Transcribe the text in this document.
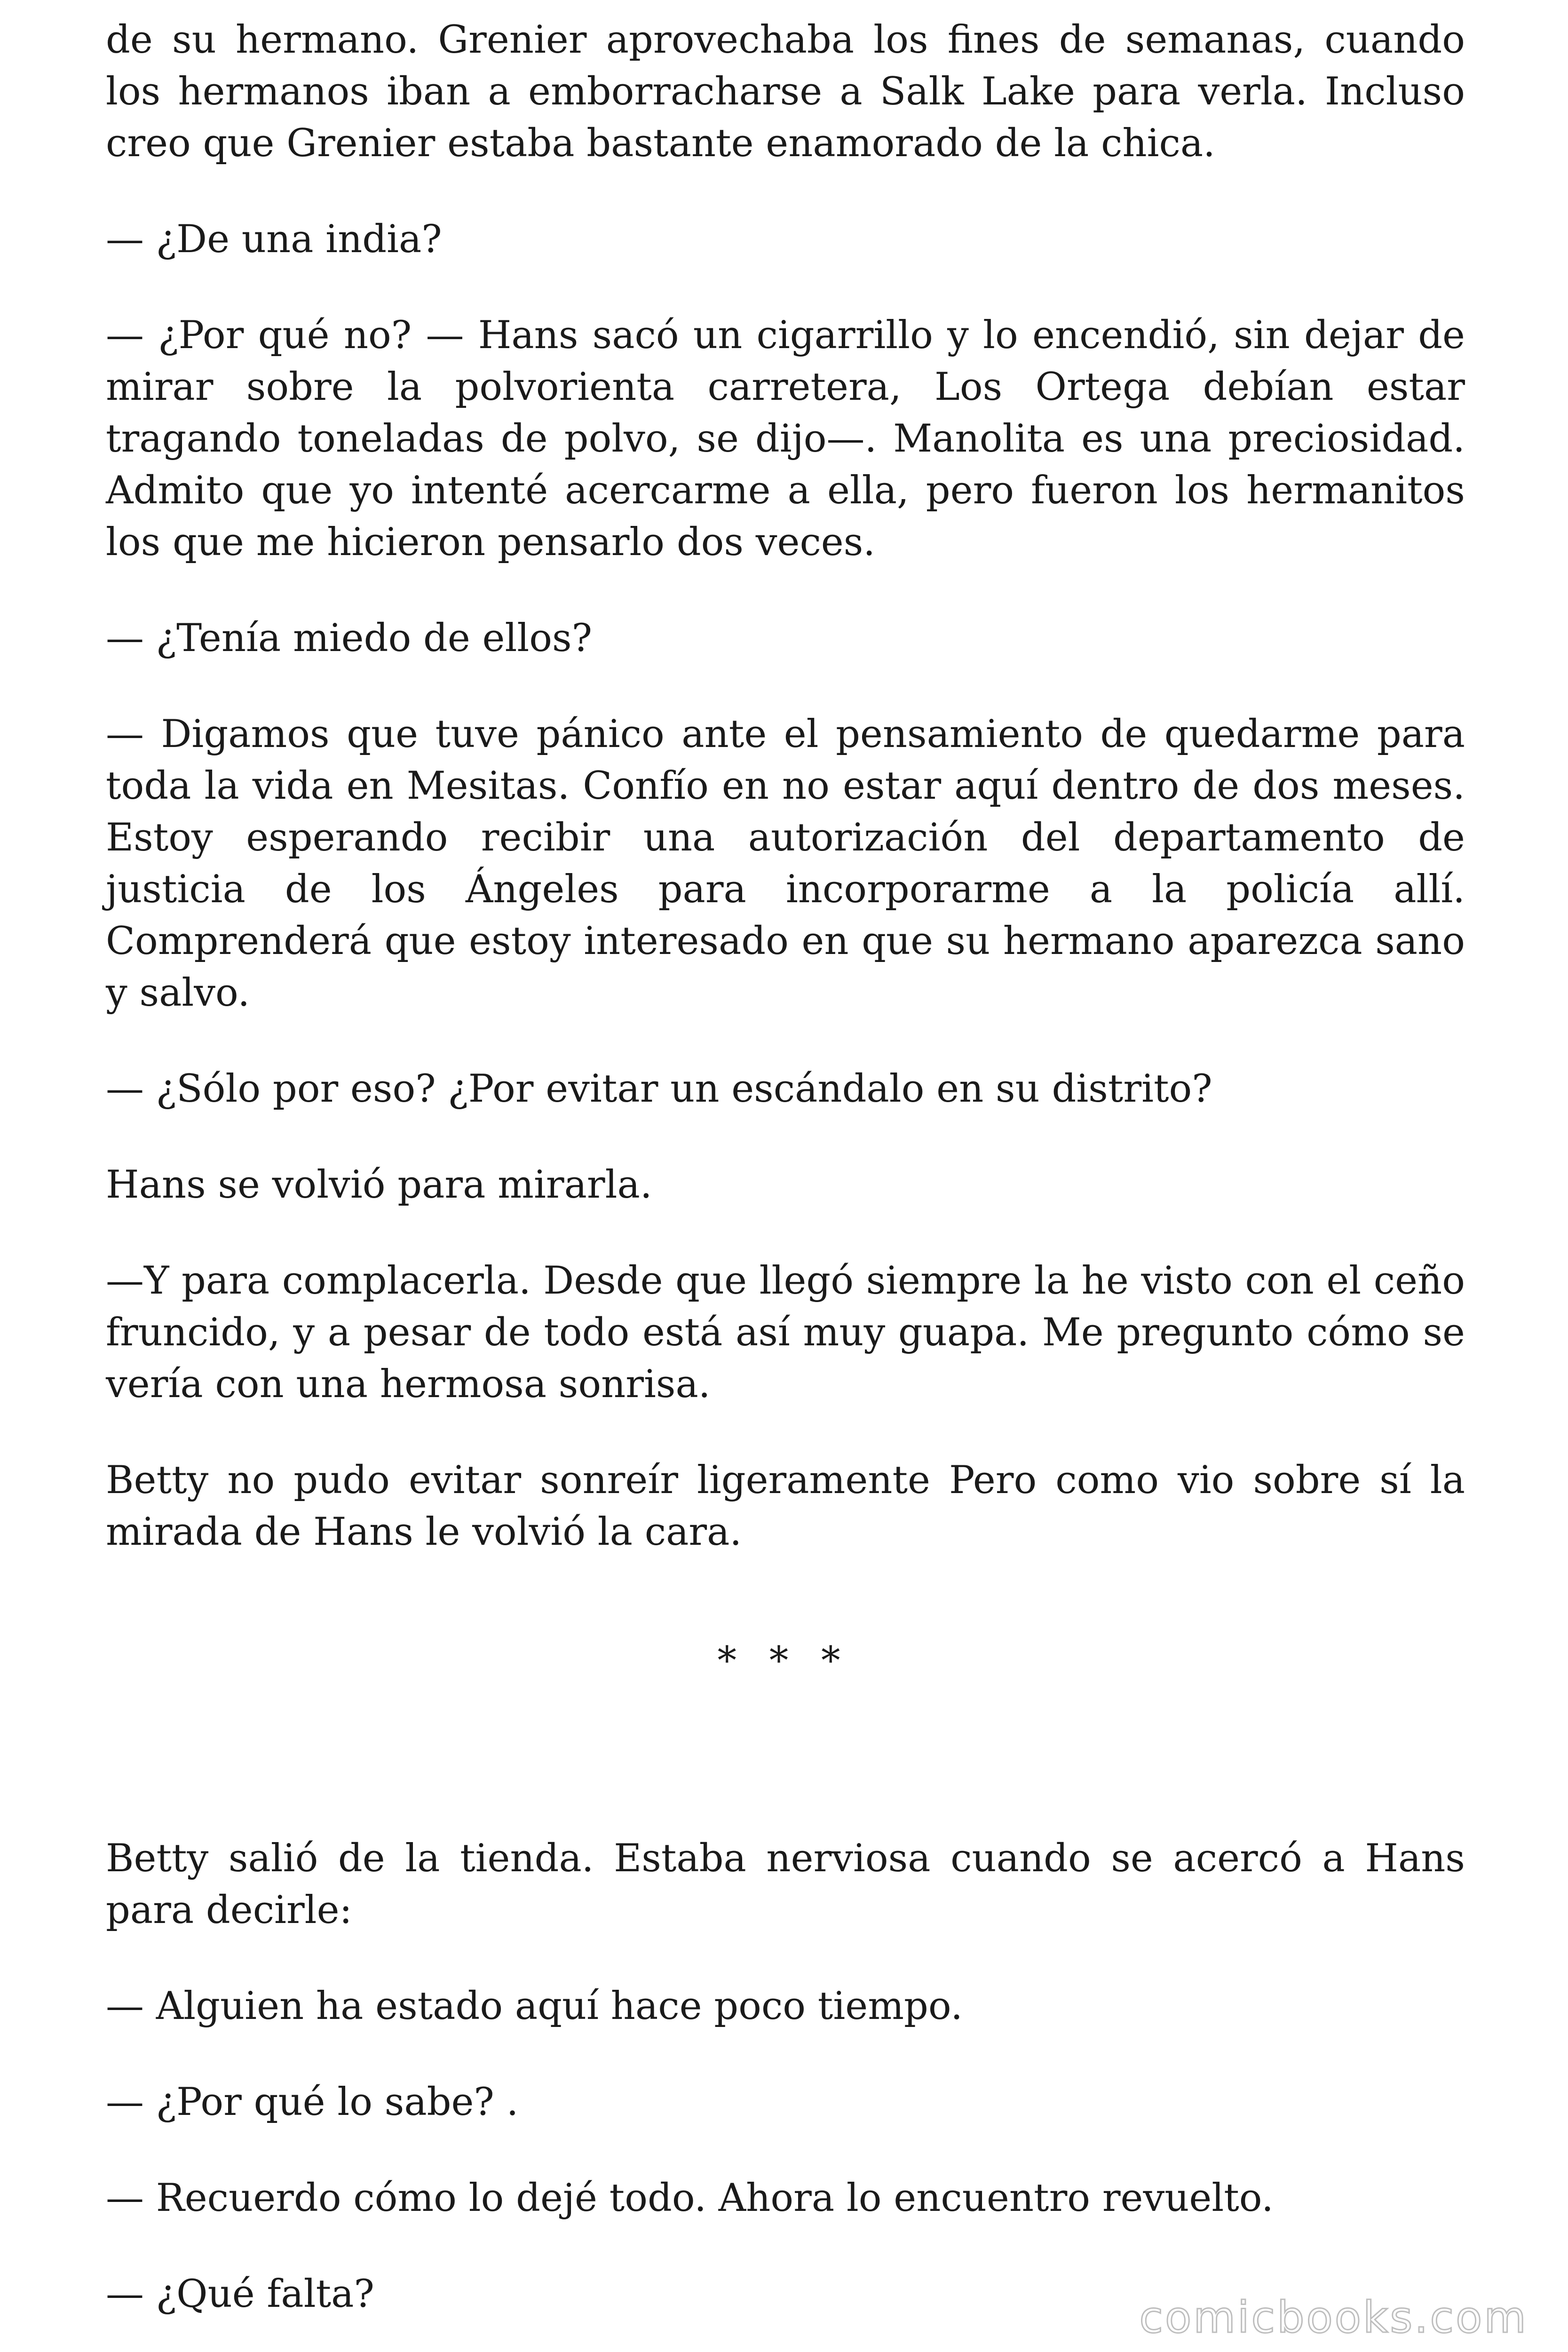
de su hermano. Grenier aprovechaba los fines de semanas, cuando los hermanos iban a emborracharse a Salk Lake para verla. Incluso creo que Grenier estaba bastante enamorado de la chica.

— ¿De una india?

— ¿Por qué no? — Hans sacó un cigarrillo y lo encendió, sin dejar de mirar sobre la polvorienta carretera, Los Ortega debían estar tragando toneladas de polvo, se dijo—. Manolita es una preciosidad. Admito que yo intenté acercarme a ella, pero fueron los hermanitos los que me hicieron pensarlo dos veces.

— ¿Tenía miedo de ellos?

— Digamos que tuve pánico ante el pensamiento de quedarme para toda la vida en Mesitas. Confío en no estar aquí dentro de dos meses. Estoy esperando recibir una autorización del departamento de justicia de los Ángeles para incorporarme a la policía allí. Comprenderá que estoy interesado en que su hermano aparezca sano y salvo.

— ¿Sólo por eso? ¿Por evitar un escándalo en su distrito?

Hans se volvió para mirarla.

—Y para complacerla. Desde que llegó siempre la he visto con el ceño fruncido, y a pesar de todo está así muy guapa. Me pregunto cómo se vería con una hermosa sonrisa.

Betty no pudo evitar sonreír ligeramente Pero como vio sobre sí la mirada de Hans le volvió la cara.

* * *

Betty salió de la tienda. Estaba nerviosa cuando se acercó a Hans para decirle:

— Alguien ha estado aquí hace poco tiempo.

— ¿Por qué lo sabe? .

— Recuerdo cómo lo dejé todo. Ahora lo encuentro revuelto.

— ¿Qué falta?	comicbooks.com
